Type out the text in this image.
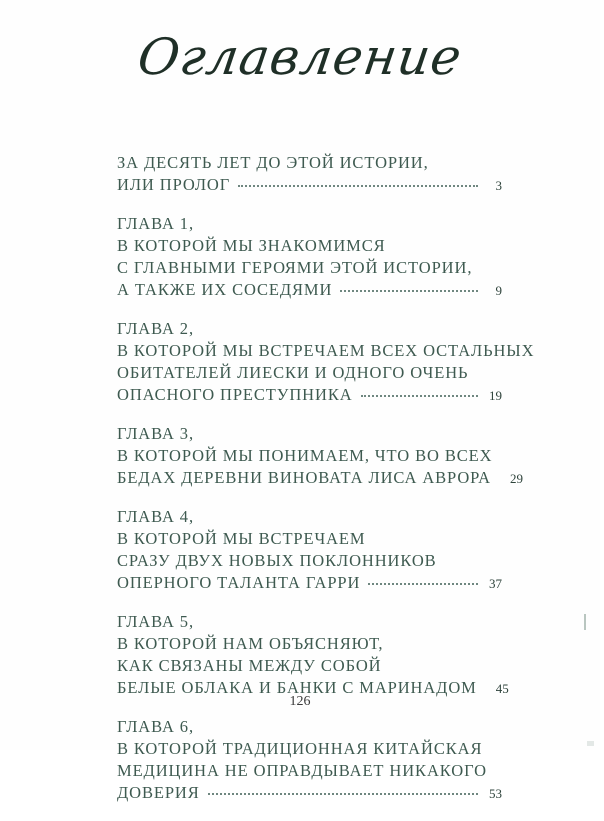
Оглавление
ЗА ДЕСЯТЬ ЛЕТ ДО ЭТОЙ ИСТОРИИ,
ИЛИ ПРОЛОГ	3
ГЛАВА 1,
В КОТОРОЙ МЫ ЗНАКОМИМСЯ
С ГЛАВНЫМИ ГЕРОЯМИ ЭТОЙ ИСТОРИИ,
А ТАКЖЕ ИХ СОСЕДЯМИ	9
ГЛАВА 2,
В КОТОРОЙ МЫ ВСТРЕЧАЕМ ВСЕХ ОСТАЛЬНЫХ
ОБИТАТЕЛЕЙ ЛИЕСКИ И ОДНОГО ОЧЕНЬ
ОПАСНОГО ПРЕСТУПНИКА	19
ГЛАВА 3,
В КОТОРОЙ МЫ ПОНИМАЕМ, ЧТО ВО ВСЕХ
БЕДАХ ДЕРЕВНИ ВИНОВАТА ЛИСА АВРОРА 29
ГЛАВА 4,
В КОТОРОЙ МЫ ВСТРЕЧАЕМ
СРАЗУ ДВУХ НОВЫХ ПОКЛОННИКОВ
ОПЕРНОГО ТАЛАНТА ГАРРИ	37
ГЛАВА 5,
В КОТОРОЙ НАМ ОБЪЯСНЯЮТ,
КАК СВЯЗАНЫ МЕЖДУ СОБОЙ
БЕЛЫЕ ОБЛАКА И БАНКИ С МАРИНАДОМ 45
ГЛАВА 6,
В КОТОРОЙ ТРАДИЦИОННАЯ КИТАЙСКАЯ
МЕДИЦИНА НЕ ОПРАВДЫВАЕТ НИКАКОГО
ДОВЕРИЯ	53
126
